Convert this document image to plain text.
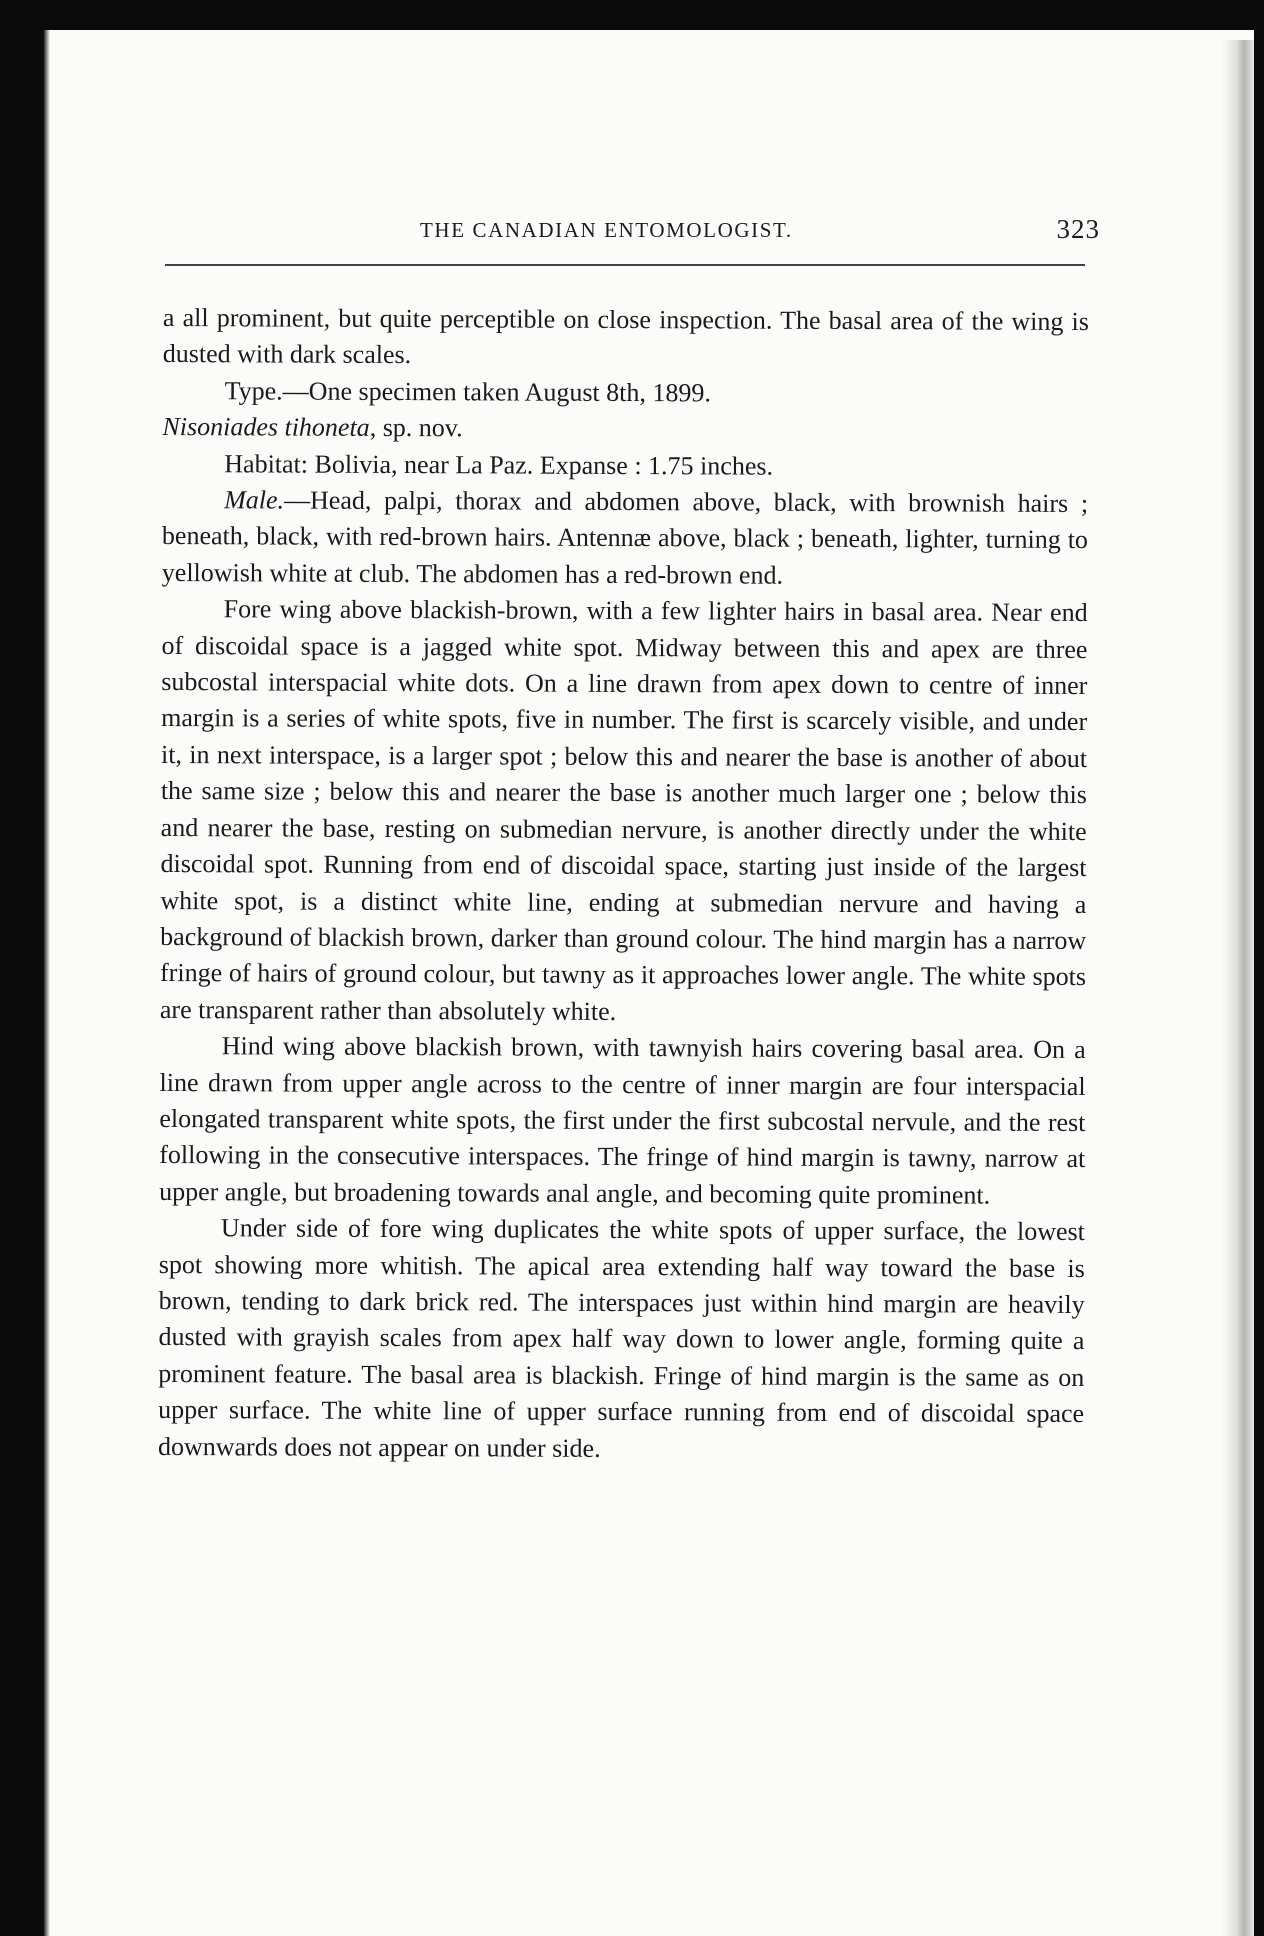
THE CANADIAN ENTOMOLOGIST.	323

a all prominent, but quite perceptible on close inspection. The basal area of the wing is dusted with dark scales.

Type.—One specimen taken August 8th, 1899.

Nisoniades tihoneta, sp. nov.

Habitat: Bolivia, near La Paz. Expanse : 1.75 inches.

Male.—Head, palpi, thorax and abdomen above, black, with brownish hairs ; beneath, black, with red-brown hairs. Antennæ above, black ; beneath, lighter, turning to yellowish white at club. The abdomen has a red-brown end.

Fore wing above blackish-brown, with a few lighter hairs in basal area. Near end of discoidal space is a jagged white spot. Midway between this and apex are three subcostal interspacial white dots. On a line drawn from apex down to centre of inner margin is a series of white spots, five in number. The first is scarcely visible, and under it, in next interspace, is a larger spot ; below this and nearer the base is another of about the same size ; below this and nearer the base is another much larger one ; below this and nearer the base, resting on submedian nervure, is another directly under the white discoidal spot. Running from end of discoidal space, starting just inside of the largest white spot, is a distinct white line, ending at submedian nervure and having a background of blackish brown, darker than ground colour. The hind margin has a narrow fringe of hairs of ground colour, but tawny as it approaches lower angle. The white spots are transparent rather than absolutely white.

Hind wing above blackish brown, with tawnyish hairs covering basal area. On a line drawn from upper angle across to the centre of inner margin are four interspacial elongated transparent white spots, the first under the first subcostal nervule, and the rest following in the consecutive interspaces. The fringe of hind margin is tawny, narrow at upper angle, but broadening towards anal angle, and becoming quite prominent.

Under side of fore wing duplicates the white spots of upper surface, the lowest spot showing more whitish. The apical area extending half way toward the base is brown, tending to dark brick red. The interspaces just within hind margin are heavily dusted with grayish scales from apex half way down to lower angle, forming quite a prominent feature. The basal area is blackish. Fringe of hind margin is the same as on upper surface. The white line of upper surface running from end of discoidal space downwards does not appear on under side.
